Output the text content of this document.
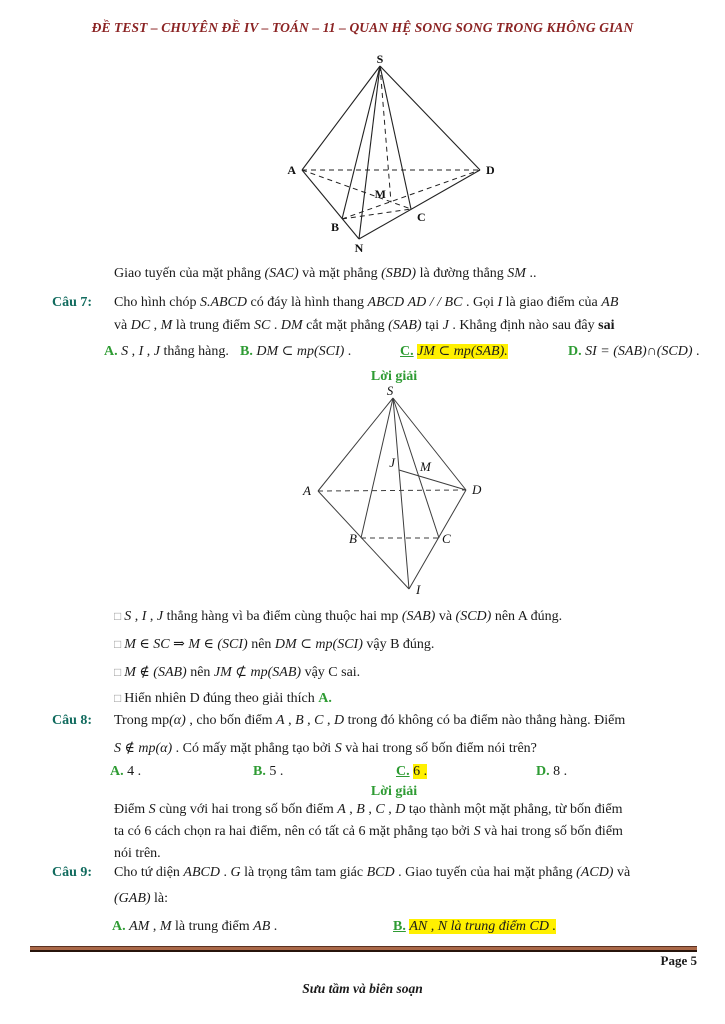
ĐỀ TEST – CHUYÊN ĐỀ IV – TOÁN – 11 – QUAN HỆ SONG SONG TRONG KHÔNG GIAN
S
A	D
B
C
M
N
Giao tuyến của mặt phẳng (SAC) và mặt phẳng (SBD) là đường thẳng SM ..
Câu 7: Cho hình chóp S.ABCD có đáy là hình thang ABCD AD / / BC . Gọi I là giao điểm của AB
và DC , M là trung điểm SC . DM cắt mặt phẳng (SAB) tại J . Khẳng định nào sau đây sai
A. S , I , J thẳng hàng. B. DM ⊂ mp(SCI) .	C.​ JM ⊂ mp(SAB).	D. SI = (SAB)∩(SCD) .
Lời giải
S
A	D
B	C
I
J M
□ S , I , J thẳng hàng vì ba điểm cùng thuộc hai mp (SAB) và (SCD) nên A đúng.
□ M ∈ SC ⇒ M ∈ (SCI) nên DM ⊂ mp(SCI) vậy B đúng.
□ M ∉ (SAB) nên JM ⊄ mp(SAB) vậy C sai.
□ Hiển nhiên D đúng theo giải thích A.
Câu 8: Trong mp(α) , cho bốn điểm A , B , C , D trong đó không có ba điểm nào thẳng hàng. Điểm
S ∉ mp(α) . Có mấy mặt phẳng tạo bởi S và hai trong số bốn điểm nói trên?
A. 4 .	B. 5 .	C.​ 6 .	D. 8 .
Lời giải
Điểm S cùng với hai trong số bốn điểm A , B , C , D tạo thành một mặt phẳng, từ bốn điểm
ta có 6 cách chọn ra hai điểm, nên có tất cả 6 mặt phẳng tạo bởi S và hai trong số bốn điểm
nói trên.
Câu 9: Cho tứ diện ABCD . G là trọng tâm tam giác BCD . Giao tuyến của hai mặt phẳng (ACD) và
(GAB) là:
A. AM , M là trung điểm AB .	B.​ AN , N là trung điểm CD .
Page 5
Sưu tầm và biên soạn
